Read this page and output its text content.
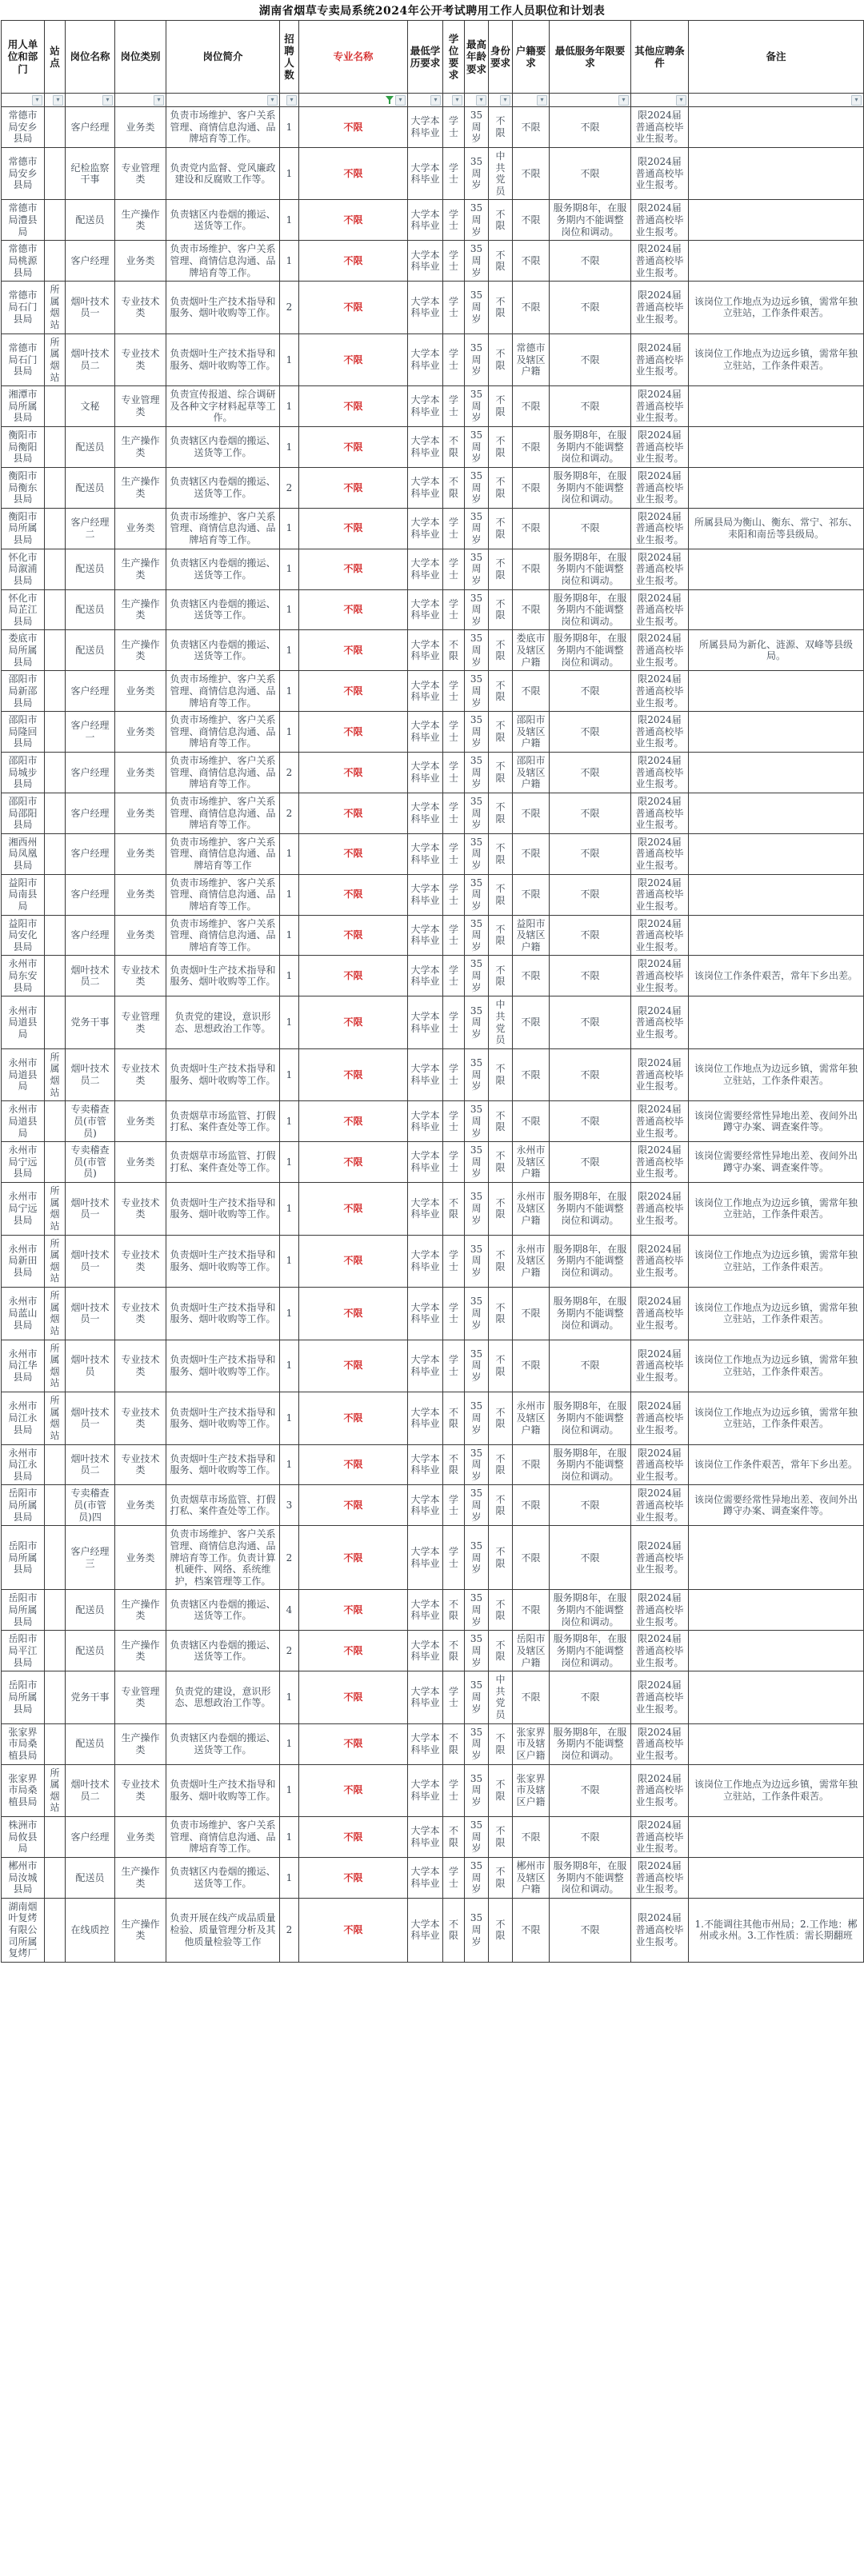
湖南省烟草专卖局系统2024年公开考试聘用工作人员职位和计划表
用人单位和部门	站点	岗位名称	岗位类别	岗位简介	招聘人数	专业名称	最低学历要求	学位要求	最高年龄要求	身份要求	户籍要求	最低服务年限要求	其他应聘条件	备注

▾	▾	▾	▾	▾	▾	▾	▾	▾	▾	▾	▾	▾	▾	▾

常德市局安乡县局		客户经理	业务类	负责市场维护、客户关系管理、商情信息沟通、品牌培育等工作。	1	不限	大学本科毕业	学士	35周岁	不限	不限	不限	限2024届普通高校毕业生报考。	
常德市局安乡县局		纪检监察干事	专业管理类	负责党内监督、党风廉政建设和反腐败工作等。	1	不限	大学本科毕业	学士	35周岁	中共党员	不限	不限	限2024届普通高校毕业生报考。	
常德市局澧县局		配送员	生产操作类	负责辖区内卷烟的搬运、送货等工作。	1	不限	大学本科毕业	学士	35周岁	不限	不限	服务期8年，在服务期内不能调整岗位和调动。	限2024届普通高校毕业生报考。	
常德市局桃源县局		客户经理	业务类	负责市场维护、客户关系管理、商情信息沟通、品牌培育等工作。	1	不限	大学本科毕业	学士	35周岁	不限	不限	不限	限2024届普通高校毕业生报考。	
常德市局石门县局	所属烟站	烟叶技术员一	专业技术类	负责烟叶生产技术指导和服务、烟叶收购等工作。	2	不限	大学本科毕业	学士	35周岁	不限	不限	不限	限2024届普通高校毕业生报考。	该岗位工作地点为边远乡镇，需常年独立驻站，工作条件艰苦。
常德市局石门县局	所属烟站	烟叶技术员二	专业技术类	负责烟叶生产技术指导和服务、烟叶收购等工作。	1	不限	大学本科毕业	学士	35周岁	不限	常德市及辖区户籍	不限	限2024届普通高校毕业生报考。	该岗位工作地点为边远乡镇，需常年独立驻站，工作条件艰苦。
湘潭市局所属县局		文秘	专业管理类	负责宣传报道、综合调研及各种文字材料起草等工作。	1	不限	大学本科毕业	学士	35周岁	不限	不限	不限	限2024届普通高校毕业生报考。	
衡阳市局衡阳县局		配送员	生产操作类	负责辖区内卷烟的搬运、送货等工作。	1	不限	大学本科毕业	不限	35周岁	不限	不限	服务期8年，在服务期内不能调整岗位和调动。	限2024届普通高校毕业生报考。	
衡阳市局衡东县局		配送员	生产操作类	负责辖区内卷烟的搬运、送货等工作。	2	不限	大学本科毕业	不限	35周岁	不限	不限	服务期8年，在服务期内不能调整岗位和调动。	限2024届普通高校毕业生报考。	
衡阳市局所属县局		客户经理二	业务类	负责市场维护、客户关系管理、商情信息沟通、品牌培育等工作。	1	不限	大学本科毕业	学士	35周岁	不限	不限	不限	限2024届普通高校毕业生报考。	所属县局为衡山、衡东、常宁、祁东、耒阳和南岳等县级局。
怀化市局溆浦县局		配送员	生产操作类	负责辖区内卷烟的搬运、送货等工作。	1	不限	大学本科毕业	学士	35周岁	不限	不限	服务期8年，在服务期内不能调整岗位和调动。	限2024届普通高校毕业生报考。	
怀化市局芷江县局		配送员	生产操作类	负责辖区内卷烟的搬运、送货等工作。	1	不限	大学本科毕业	学士	35周岁	不限	不限	服务期8年，在服务期内不能调整岗位和调动。	限2024届普通高校毕业生报考。	
娄底市局所属县局		配送员	生产操作类	负责辖区内卷烟的搬运、送货等工作。	1	不限	大学本科毕业	不限	35周岁	不限	娄底市及辖区户籍	服务期8年，在服务期内不能调整岗位和调动。	限2024届普通高校毕业生报考。	所属县局为新化、涟源、双峰等县级局。
邵阳市局新邵县局		客户经理	业务类	负责市场维护、客户关系管理、商情信息沟通、品牌培育等工作。	1	不限	大学本科毕业	学士	35周岁	不限	不限	不限	限2024届普通高校毕业生报考。	
邵阳市局隆回县局		客户经理一	业务类	负责市场维护、客户关系管理、商情信息沟通、品牌培育等工作。	1	不限	大学本科毕业	学士	35周岁	不限	邵阳市及辖区户籍	不限	限2024届普通高校毕业生报考。	
邵阳市局城步县局		客户经理	业务类	负责市场维护、客户关系管理、商情信息沟通、品牌培育等工作。	2	不限	大学本科毕业	学士	35周岁	不限	邵阳市及辖区户籍	不限	限2024届普通高校毕业生报考。	
邵阳市局邵阳县局		客户经理	业务类	负责市场维护、客户关系管理、商情信息沟通、品牌培育等工作。	2	不限	大学本科毕业	学士	35周岁	不限	不限	不限	限2024届普通高校毕业生报考。	
湘西州局凤凰县局		客户经理	业务类	负责市场维护、客户关系管理、商情信息沟通、品牌培育等工作	1	不限	大学本科毕业	学士	35周岁	不限	不限	不限	限2024届普通高校毕业生报考。	
益阳市局南县局		客户经理	业务类	负责市场维护、客户关系管理、商情信息沟通、品牌培育等工作。	1	不限	大学本科毕业	学士	35周岁	不限	不限	不限	限2024届普通高校毕业生报考。	
益阳市局安化县局		客户经理	业务类	负责市场维护、客户关系管理、商情信息沟通、品牌培育等工作。	1	不限	大学本科毕业	学士	35周岁	不限	益阳市及辖区户籍	不限	限2024届普通高校毕业生报考。	
永州市局东安县局		烟叶技术员二	专业技术类	负责烟叶生产技术指导和服务、烟叶收购等工作。	1	不限	大学本科毕业	学士	35周岁	不限	不限	不限	限2024届普通高校毕业生报考。	该岗位工作条件艰苦，常年下乡出差。
永州市局道县局		党务干事	专业管理类	负责党的建设，意识形态、思想政治工作等。	1	不限	大学本科毕业	学士	35周岁	中共党员	不限	不限	限2024届普通高校毕业生报考。	
永州市局道县局	所属烟站	烟叶技术员二	专业技术类	负责烟叶生产技术指导和服务、烟叶收购等工作。	1	不限	大学本科毕业	学士	35周岁	不限	不限	不限	限2024届普通高校毕业生报考。	该岗位工作地点为边远乡镇，需常年独立驻站，工作条件艰苦。
永州市局道县局		专卖稽查员(市管员)	业务类	负责烟草市场监管、打假打私、案件查处等工作。	1	不限	大学本科毕业	学士	35周岁	不限	不限	不限	限2024届普通高校毕业生报考。	该岗位需要经常性异地出差、夜间外出蹲守办案、调查案件等。
永州市局宁远县局		专卖稽查员(市管员)	业务类	负责烟草市场监管、打假打私、案件查处等工作。	1	不限	大学本科毕业	学士	35周岁	不限	永州市及辖区户籍	不限	限2024届普通高校毕业生报考。	该岗位需要经常性异地出差、夜间外出蹲守办案、调查案件等。
永州市局宁远县局	所属烟站	烟叶技术员一	专业技术类	负责烟叶生产技术指导和服务、烟叶收购等工作。	1	不限	大学本科毕业	不限	35周岁	不限	永州市及辖区户籍	服务期8年，在服务期内不能调整岗位和调动。	限2024届普通高校毕业生报考。	该岗位工作地点为边远乡镇，需常年独立驻站，工作条件艰苦。
永州市局新田县局	所属烟站	烟叶技术员一	专业技术类	负责烟叶生产技术指导和服务、烟叶收购等工作。	1	不限	大学本科毕业	学士	35周岁	不限	永州市及辖区户籍	服务期8年，在服务期内不能调整岗位和调动。	限2024届普通高校毕业生报考。	该岗位工作地点为边远乡镇，需常年独立驻站，工作条件艰苦。
永州市局蓝山县局	所属烟站	烟叶技术员一	专业技术类	负责烟叶生产技术指导和服务、烟叶收购等工作。	1	不限	大学本科毕业	学士	35周岁	不限	不限	服务期8年，在服务期内不能调整岗位和调动。	限2024届普通高校毕业生报考。	该岗位工作地点为边远乡镇，需常年独立驻站，工作条件艰苦。
永州市局江华县局	所属烟站	烟叶技术员	专业技术类	负责烟叶生产技术指导和服务、烟叶收购等工作。	1	不限	大学本科毕业	学士	35周岁	不限	不限	不限	限2024届普通高校毕业生报考。	该岗位工作地点为边远乡镇，需常年独立驻站，工作条件艰苦。
永州市局江永县局	所属烟站	烟叶技术员一	专业技术类	负责烟叶生产技术指导和服务、烟叶收购等工作。	1	不限	大学本科毕业	不限	35周岁	不限	永州市及辖区户籍	服务期8年，在服务期内不能调整岗位和调动。	限2024届普通高校毕业生报考。	该岗位工作地点为边远乡镇，需常年独立驻站，工作条件艰苦。
永州市局江永县局		烟叶技术员二	专业技术类	负责烟叶生产技术指导和服务、烟叶收购等工作。	1	不限	大学本科毕业	不限	35周岁	不限	不限	服务期8年，在服务期内不能调整岗位和调动。	限2024届普通高校毕业生报考。	该岗位工作条件艰苦，常年下乡出差。
岳阳市局所属县局		专卖稽查员(市管员)四	业务类	负责烟草市场监管、打假打私、案件查处等工作。	3	不限	大学本科毕业	学士	35周岁	不限	不限	不限	限2024届普通高校毕业生报考。	该岗位需要经常性异地出差、夜间外出蹲守办案、调查案件等。
岳阳市局所属县局		客户经理三	业务类	负责市场维护、客户关系管理、商情信息沟通、品牌培育等工作。负责计算机硬件、网络、系统维护，档案管理等工作。	2	不限	大学本科毕业	学士	35周岁	不限	不限	不限	限2024届普通高校毕业生报考。	
岳阳市局所属县局		配送员	生产操作类	负责辖区内卷烟的搬运、送货等工作。	4	不限	大学本科毕业	不限	35周岁	不限	不限	服务期8年，在服务期内不能调整岗位和调动。	限2024届普通高校毕业生报考。	
岳阳市局平江县局		配送员	生产操作类	负责辖区内卷烟的搬运、送货等工作。	2	不限	大学本科毕业	不限	35周岁	不限	岳阳市及辖区户籍	服务期8年，在服务期内不能调整岗位和调动。	限2024届普通高校毕业生报考。	
岳阳市局所属县局		党务干事	专业管理类	负责党的建设，意识形态、思想政治工作等。	1	不限	大学本科毕业	学士	35周岁	中共党员	不限	不限	限2024届普通高校毕业生报考。	
张家界市局桑植县局		配送员	生产操作类	负责辖区内卷烟的搬运、送货等工作。	1	不限	大学本科毕业	不限	35周岁	不限	张家界市及辖区户籍	服务期8年，在服务期内不能调整岗位和调动。	限2024届普通高校毕业生报考。	
张家界市局桑植县局	所属烟站	烟叶技术员二	专业技术类	负责烟叶生产技术指导和服务、烟叶收购等工作。	1	不限	大学本科毕业	学士	35周岁	不限	张家界市及辖区户籍	不限	限2024届普通高校毕业生报考。	该岗位工作地点为边远乡镇，需常年独立驻站，工作条件艰苦。
株洲市局攸县局		客户经理	业务类	负责市场维护、客户关系管理、商情信息沟通、品牌培育等工作。	1	不限	大学本科毕业	不限	35周岁	不限	不限	不限	限2024届普通高校毕业生报考。	
郴州市局汝城县局		配送员	生产操作类	负责辖区内卷烟的搬运、送货等工作。	1	不限	大学本科毕业	学士	35周岁	不限	郴州市及辖区户籍	服务期8年，在服务期内不能调整岗位和调动。	限2024届普通高校毕业生报考。	
湖南烟叶复烤有限公司所属复烤厂		在线质控	生产操作类	负责开展在线产成品质量检验、质量管理分析及其他质量检验等工作	2	不限	大学本科毕业	不限	35周岁	不限	不限	不限	限2024届普通高校毕业生报考。	1.不能调往其他市州局；2.工作地：郴州或永州。3.工作性质：需长期翻班
